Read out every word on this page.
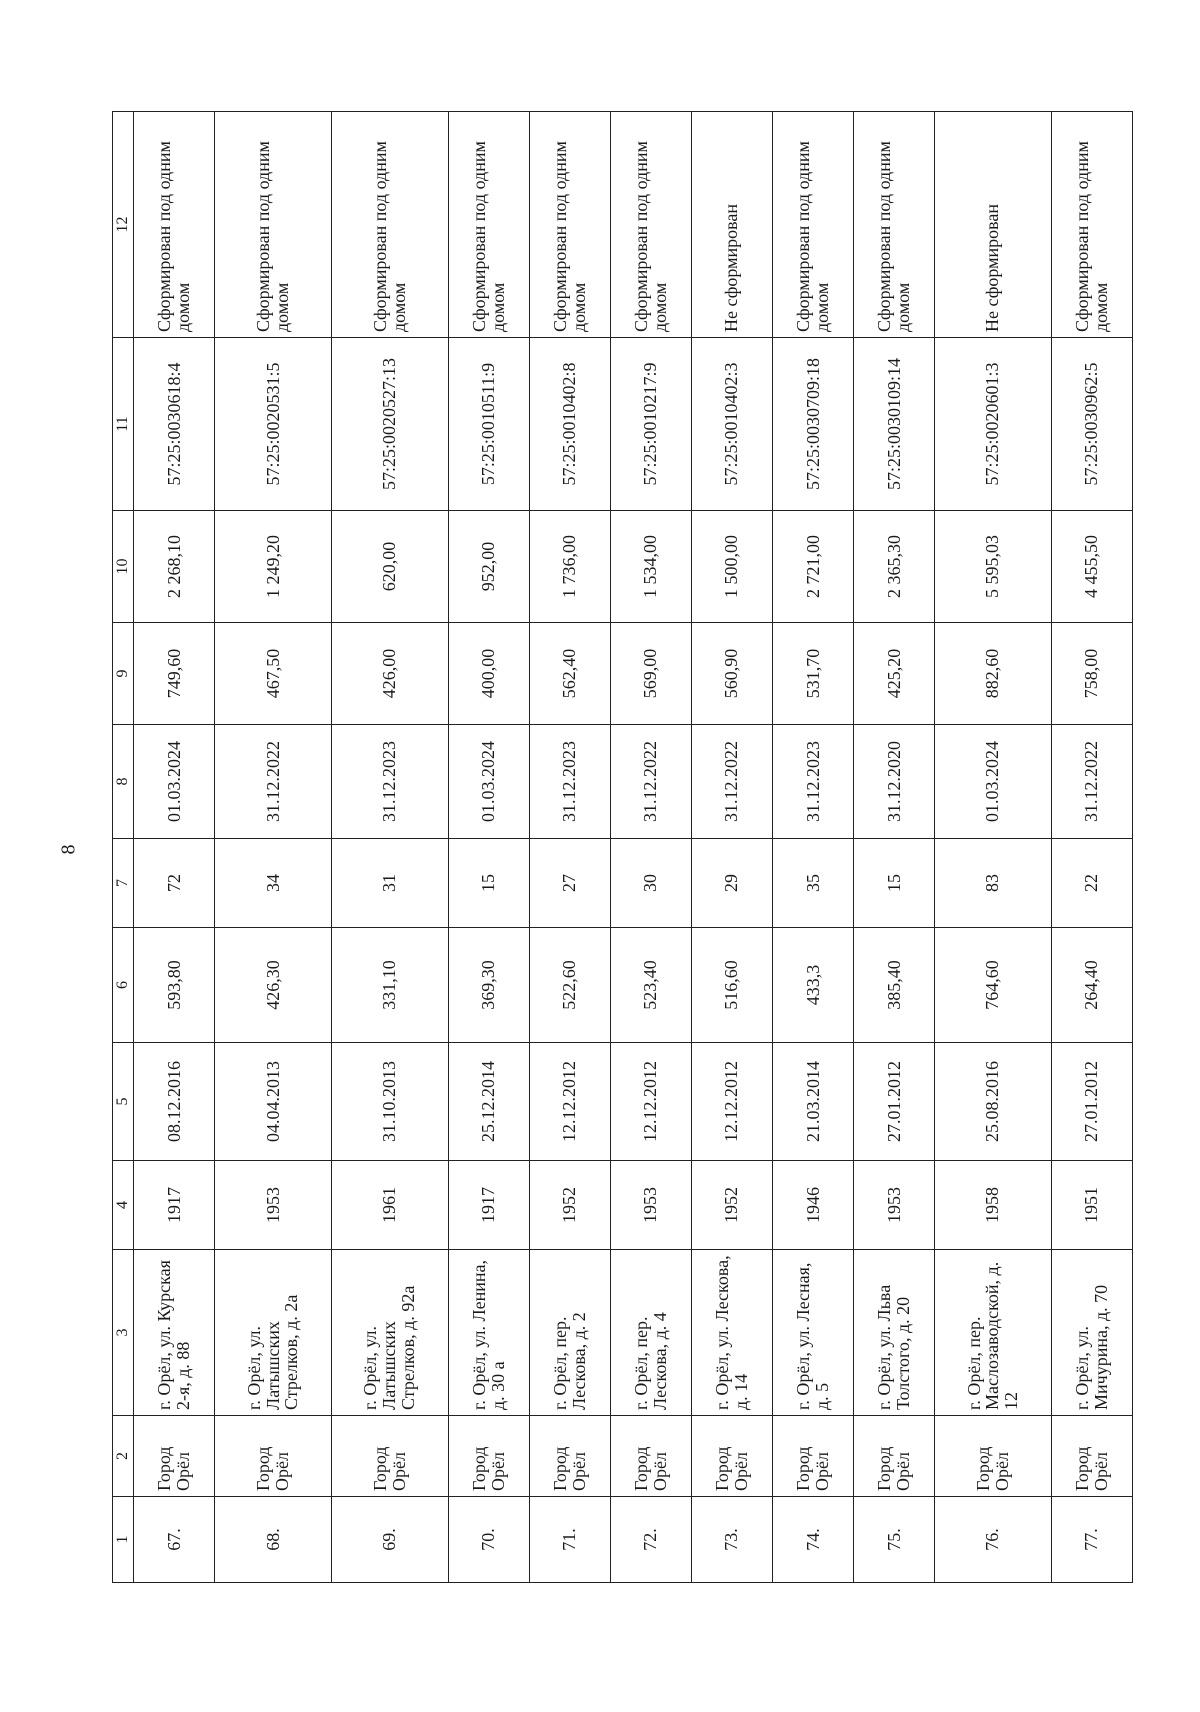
8
1	2	3	4	5	6	7	8	9	10	11	12
67.	Город Орёл	г. Орёл, ул. Курская 2-я, д. 88	1917	08.12.2016	593,80	72	01.03.2024	749,60	2 268,10	57:25:0030618:4	Сформирован под одним домом
68.	Город Орёл	г. Орёл, ул. Латышских Стрелков, д. 2а	1953	04.04.2013	426,30	34	31.12.2022	467,50	1 249,20	57:25:0020531:5	Сформирован под одним домом
69.	Город Орёл	г. Орёл, ул. Латышских Стрелков, д. 92а	1961	31.10.2013	331,10	31	31.12.2023	426,00	620,00	57:25:0020527:13	Сформирован под одним домом
70.	Город Орёл	г. Орёл, ул. Ленина, д. 30 а	1917	25.12.2014	369,30	15	01.03.2024	400,00	952,00	57:25:0010511:9	Сформирован под одним домом
71.	Город Орёл	г. Орёл, пер. Лескова, д. 2	1952	12.12.2012	522,60	27	31.12.2023	562,40	1 736,00	57:25:0010402:8	Сформирован под одним домом
72.	Город Орёл	г. Орёл, пер. Лескова, д. 4	1953	12.12.2012	523,40	30	31.12.2022	569,00	1 534,00	57:25:0010217:9	Сформирован под одним домом
73.	Город Орёл	г. Орёл, ул. Лескова, д. 14	1952	12.12.2012	516,60	29	31.12.2022	560,90	1 500,00	57:25:0010402:3	Не сформирован
74.	Город Орёл	г. Орёл, ул. Лесная, д. 5	1946	21.03.2014	433,3	35	31.12.2023	531,70	2 721,00	57:25:0030709:18	Сформирован под одним домом
75.	Город Орёл	г. Орёл, ул. Льва Толстого, д. 20	1953	27.01.2012	385,40	15	31.12.2020	425,20	2 365,30	57:25:0030109:14	Сформирован под одним домом
76.	Город Орёл	г. Орёл, пер. Маслозаводской, д. 12	1958	25.08.2016	764,60	83	01.03.2024	882,60	5 595,03	57:25:0020601:3	Не сформирован
77.	Город Орёл	г. Орёл, ул. Мичурина, д. 70	1951	27.01.2012	264,40	22	31.12.2022	758,00	4 455,50	57:25:0030962:5	Сформирован под одним домом
